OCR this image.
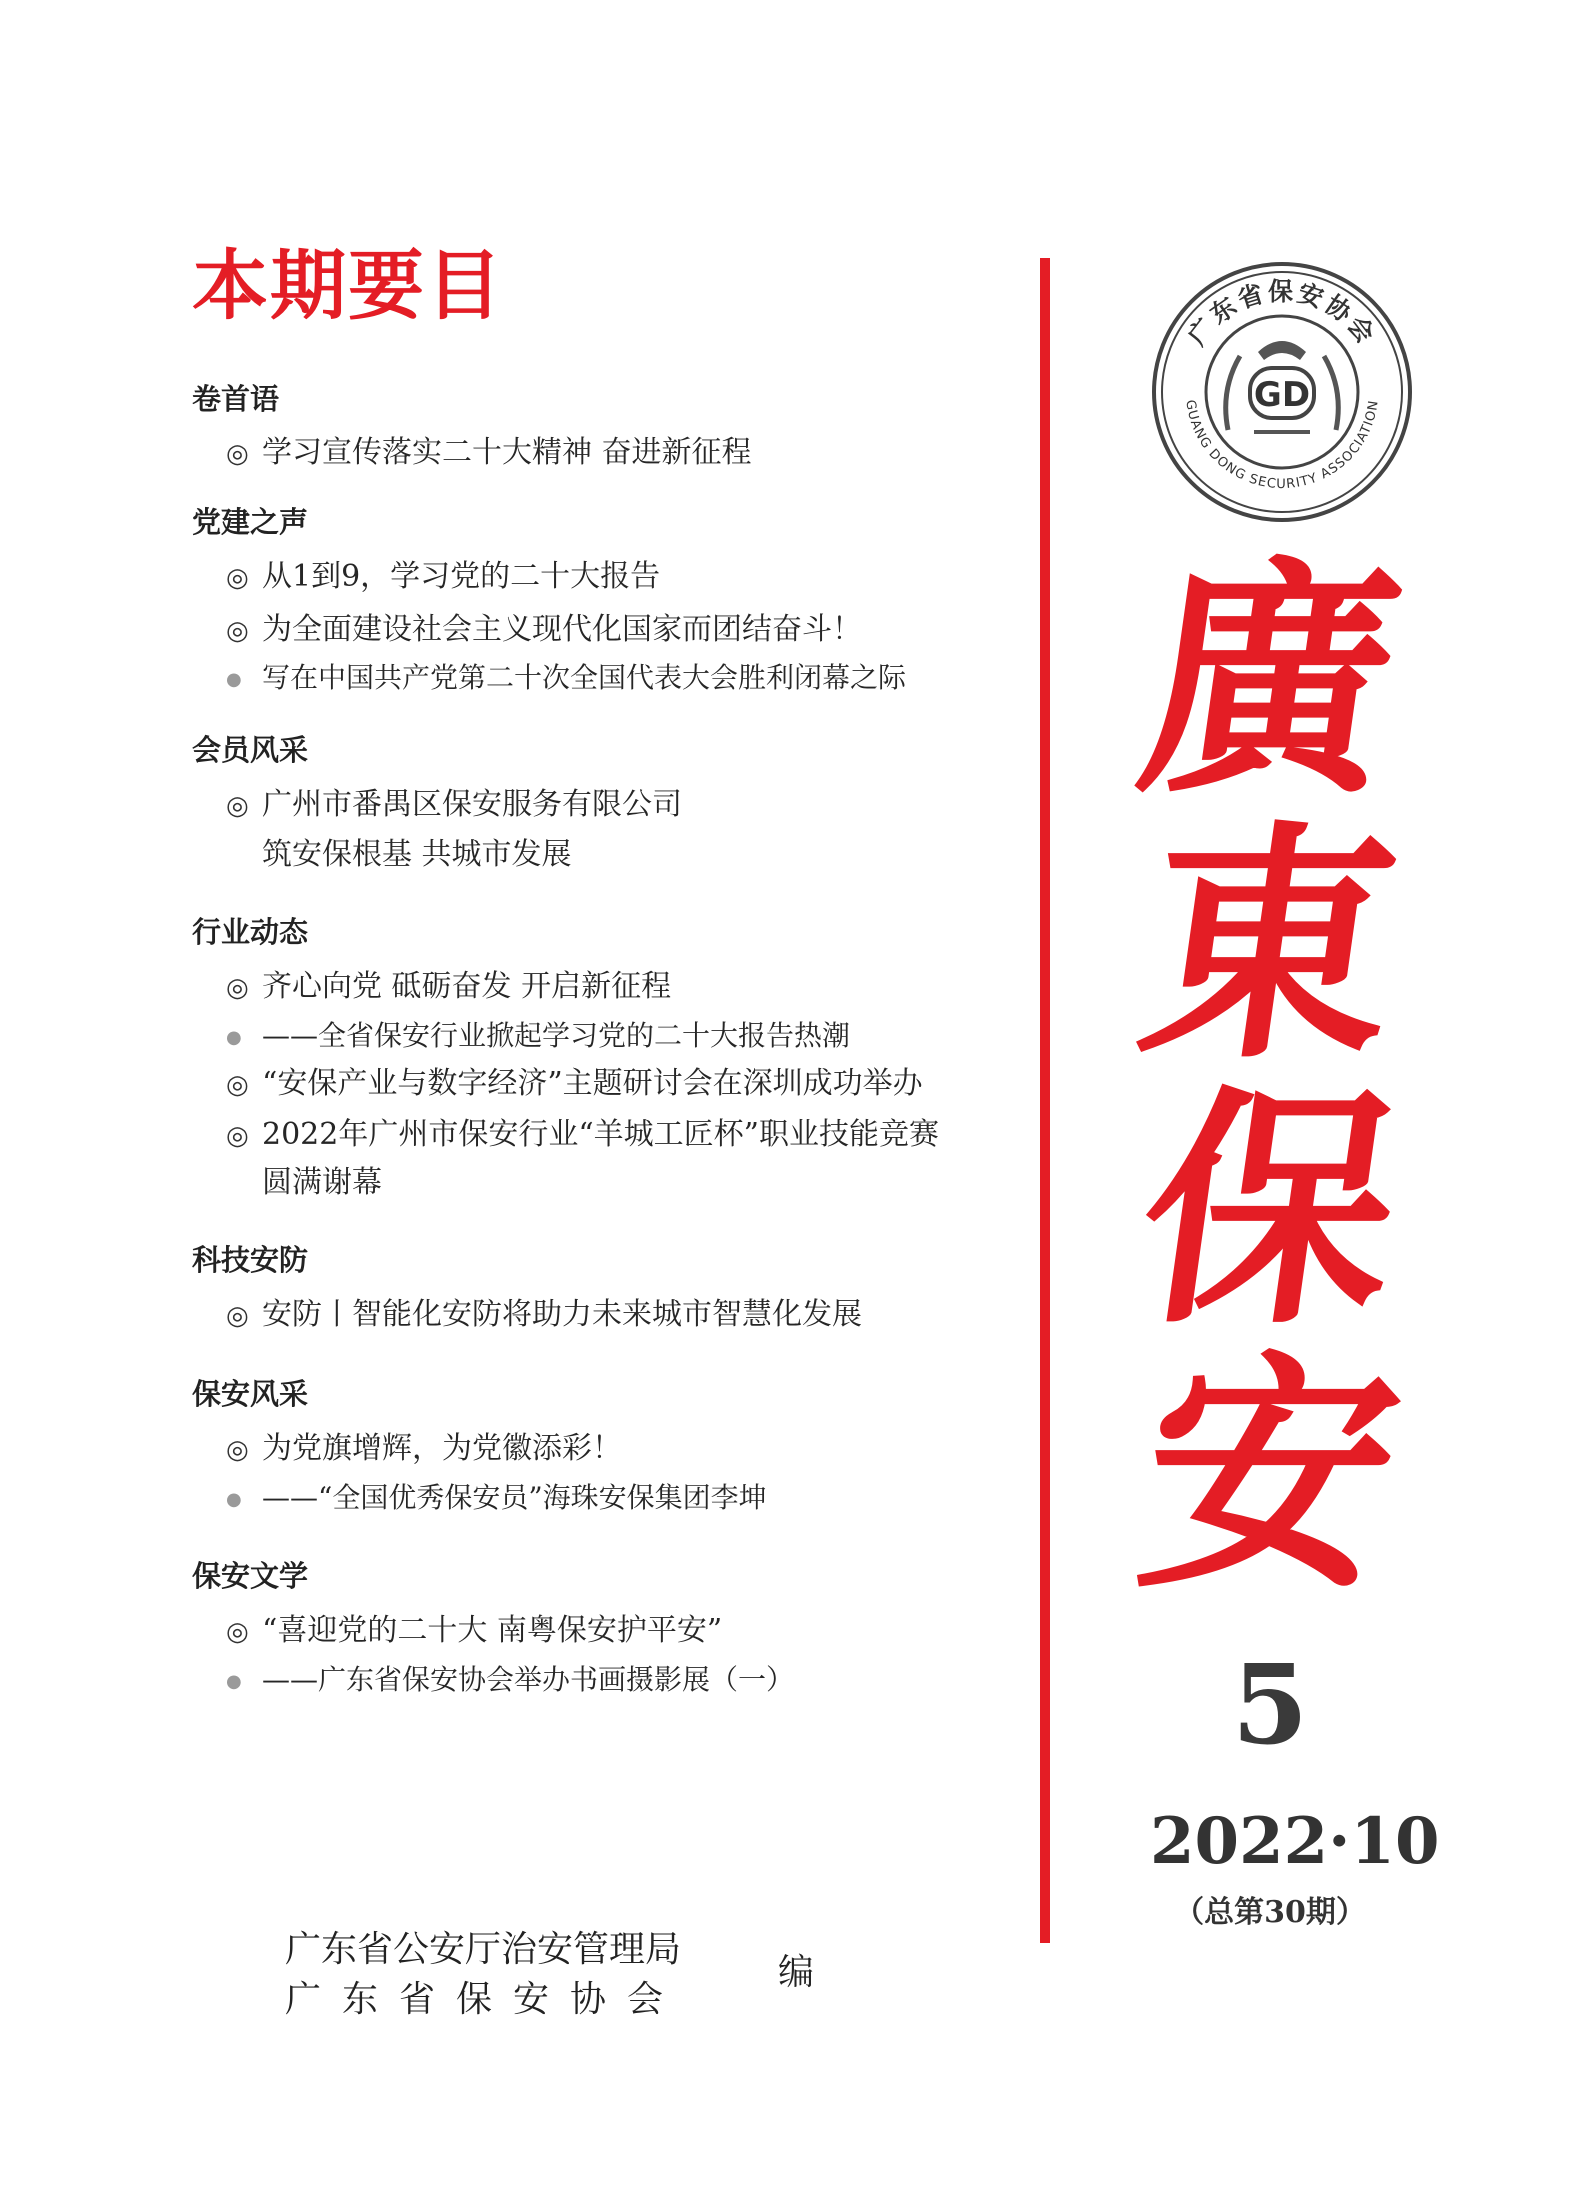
本期要目
卷首语
◎ 学习宣传落实二十大精神 奋进新征程
党建之声
◎ 从1到9，学习党的二十大报告
◎ 为全面建设社会主义现代化国家而团结奋斗！
● 写在中国共产党第二十次全国代表大会胜利闭幕之际
会员风采
◎ 广州市番禺区保安服务有限公司
筑安保根基 共城市发展
行业动态
◎ 齐心向党 砥砺奋发 开启新征程
● ——全省保安行业掀起学习党的二十大报告热潮
◎ “安保产业与数字经济”主题研讨会在深圳成功举办
◎ 2022年广州市保安行业“羊城工匠杯”职业技能竞赛
圆满谢幕
科技安防
◎ 安防丨智能化安防将助力未来城市智慧化发展
保安风采
◎ 为党旗增辉，为党徽添彩！
● ——“全国优秀保安员”海珠安保集团李坤
保安文学
◎ “喜迎党的二十大 南粤保安护平安”
● ——广东省保安协会举办书画摄影展（一）
广东省保安协会
GUANG DONG SECURITY ASSOCIATION
GD
廣
東
保
安
5
2022·10
（总第30期）
广东省公安厅治安管理局
广东省保安协会
编
